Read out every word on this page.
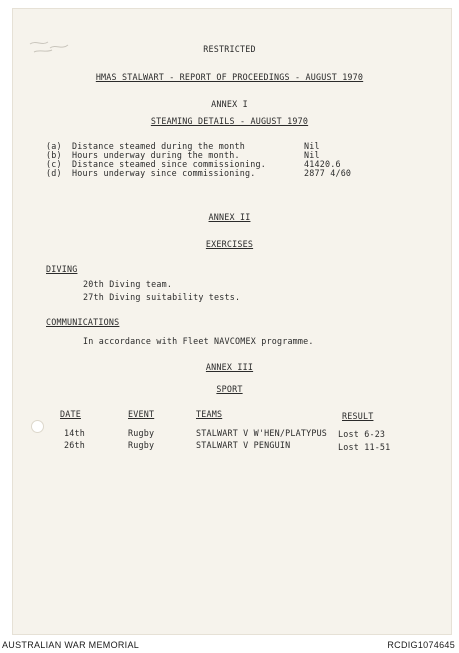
RESTRICTED
HMAS STALWART - REPORT OF PROCEEDINGS - AUGUST 1970
ANNEX I
STEAMING DETAILS - AUGUST 1970
(a) Distance steamed during the month	Nil
(b) Hours underway during the month.	Nil
(c) Distance steamed since commissioning.	41420.6
(d) Hours underway since commissioning.	2877 4/60
ANNEX II
EXERCISES
DIVING
20th Diving team.
27th Diving suitability tests.
COMMUNICATIONS
In accordance with Fleet NAVCOMEX programme.
ANNEX III
SPORT
DATE	EVENT	TEAMS	RESULT
14th	Rugby	STALWART V W'HEN/PLATYPUS Lost 6-23
26th	Rugby	STALWART V PENGUIN	Lost 11-51
AUSTRALIAN WAR MEMORIAL	RCDIG1074645
